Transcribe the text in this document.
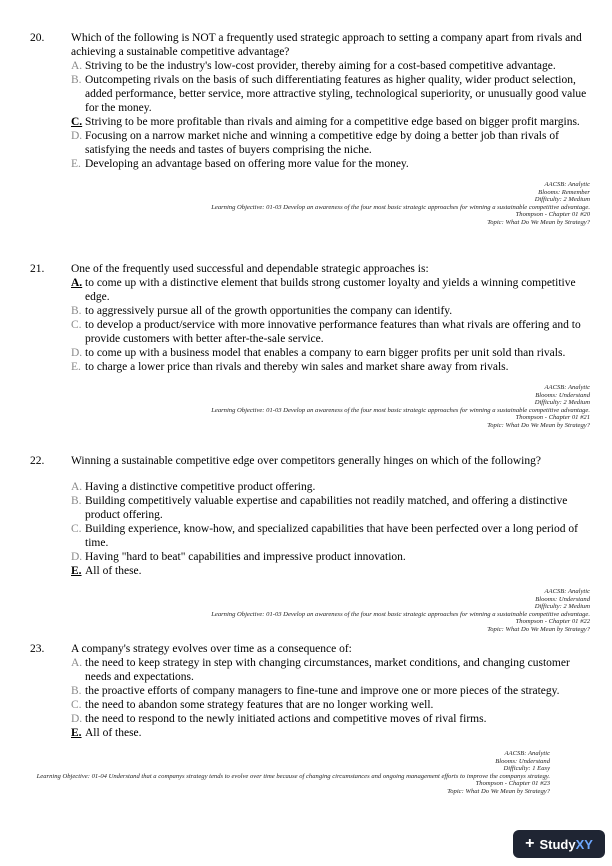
20.	Which of the following is NOT a frequently used strategic approach to setting a company apart from rivals and achieving a sustainable competitive advantage?
A. Striving to be the industry's low-cost provider, thereby aiming for a cost-based competitive advantage.
B. Outcompeting rivals on the basis of such differentiating features as higher quality, wider product selection, added performance, better service, more attractive styling, technological superiority, or unusually good value for the money.
C. Striving to be more profitable than rivals and aiming for a competitive edge based on bigger profit margins.
D. Focusing on a narrow market niche and winning a competitive edge by doing a better job than rivals of satisfying the needs and tastes of buyers comprising the niche.
E. Developing an advantage based on offering more value for the money.
AACSB: Analytic
Blooms: Remember
Difficulty: 2 Medium
Learning Objective: 01-03 Develop an awareness of the four most basic strategic approaches for winning a sustainable competitive advantage.
Thompson - Chapter 01 #20
Topic: What Do We Mean by Strategy?
21.	One of the frequently used successful and dependable strategic approaches is:
A. to come up with a distinctive element that builds strong customer loyalty and yields a winning competitive edge.
B. to aggressively pursue all of the growth opportunities the company can identify.
C. to develop a product/service with more innovative performance features than what rivals are offering and to provide customers with better after-the-sale service.
D. to come up with a business model that enables a company to earn bigger profits per unit sold than rivals.
E. to charge a lower price than rivals and thereby win sales and market share away from rivals.
AACSB: Analytic
Blooms: Understand
Difficulty: 2 Medium
Learning Objective: 01-03 Develop an awareness of the four most basic strategic approaches for winning a sustainable competitive advantage.
Thompson - Chapter 01 #21
Topic: What Do We Mean by Strategy?
22.	Winning a sustainable competitive edge over competitors generally hinges on which of the following?
A. Having a distinctive competitive product offering.
B. Building competitively valuable expertise and capabilities not readily matched, and offering a distinctive product offering.
C. Building experience, know-how, and specialized capabilities that have been perfected over a long period of time.
D. Having "hard to beat" capabilities and impressive product innovation.
E. All of these.
AACSB: Analytic
Blooms: Understand
Difficulty: 2 Medium
Learning Objective: 01-03 Develop an awareness of the four most basic strategic approaches for winning a sustainable competitive advantage.
Thompson - Chapter 01 #22
Topic: What Do We Mean by Strategy?
23.	A company's strategy evolves over time as a consequence of:
A. the need to keep strategy in step with changing circumstances, market conditions, and changing customer needs and expectations.
B. the proactive efforts of company managers to fine-tune and improve one or more pieces of the strategy.
C. the need to abandon some strategy features that are no longer working well.
D. the need to respond to the newly initiated actions and competitive moves of rival firms.
E. All of these.
AACSB: Analytic
Blooms: Understand
Difficulty: 1 Easy
Learning Objective: 01-04 Understand that a companys strategy tends to evolve over time because of changing circumstances and ongoing management efforts to improve the companys strategy.
Thompson - Chapter 01 #23
Topic: What Do We Mean by Strategy?
+ Study XY
